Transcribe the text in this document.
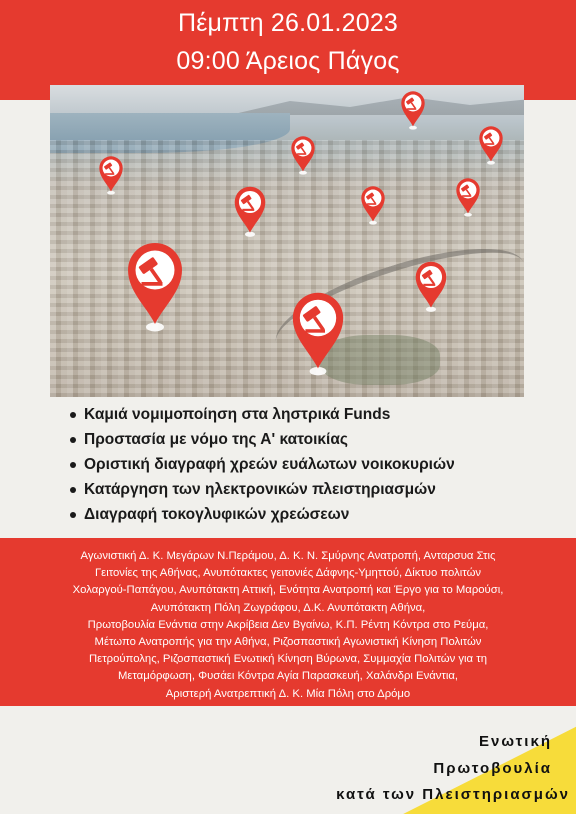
Πέμπτη 26.01.2023
09:00 Άρειος Πάγος
Καμιά νομιμοποίηση στα ληστρικά Funds
Προστασία με νόμο της Α' κατοικίας
Οριστική διαγραφή χρεών ευάλωτων νοικοκυριών
Κατάργηση των ηλεκτρονικών πλειστηριασμών
Διαγραφή τοκογλυφικών χρεώσεων

Αγωνιστική Δ. Κ. Μεγάρων Ν.Περάμου, Δ. Κ. Ν. Σμύρνης Ανατροπή, Ανταρσυα Στις
Γειτονίες της Αθήνας, Ανυπότακτες γειτονιές Δάφνης-Υμηττού, Δίκτυο πολιτών
Χολαργού-Παπάγου, Ανυπότακτη Αττική, Ενότητα Ανατροπή και Έργο για το Μαρούσι,
Ανυπότακτη Πόλη Ζωγράφου, Δ.Κ. Ανυπότακτη Αθήνα,
Πρωτοβουλία Ενάντια στην Ακρίβεια Δεν Βγαίνω, Κ.Π. Ρέντη Κόντρα στο Ρεύμα,
Μέτωπο Ανατροπής για την Αθήνα, Ριζοσπαστική Αγωνιστική Κίνηση Πολιτών
Πετρούπολης, Ριζοσπαστική Ενωτική Κίνηση Βύρωνα, Συμμαχία Πολιτών για τη
Μεταμόρφωση, Φυσάει Κόντρα Αγία Παρασκευή, Χαλάνδρι Ενάντια,
Αριστερή Ανατρεπτική Δ. Κ. Μία Πόλη στο Δρόμο

Ενωτική
Πρωτοβουλία
κατά των Πλειστηριασμών
